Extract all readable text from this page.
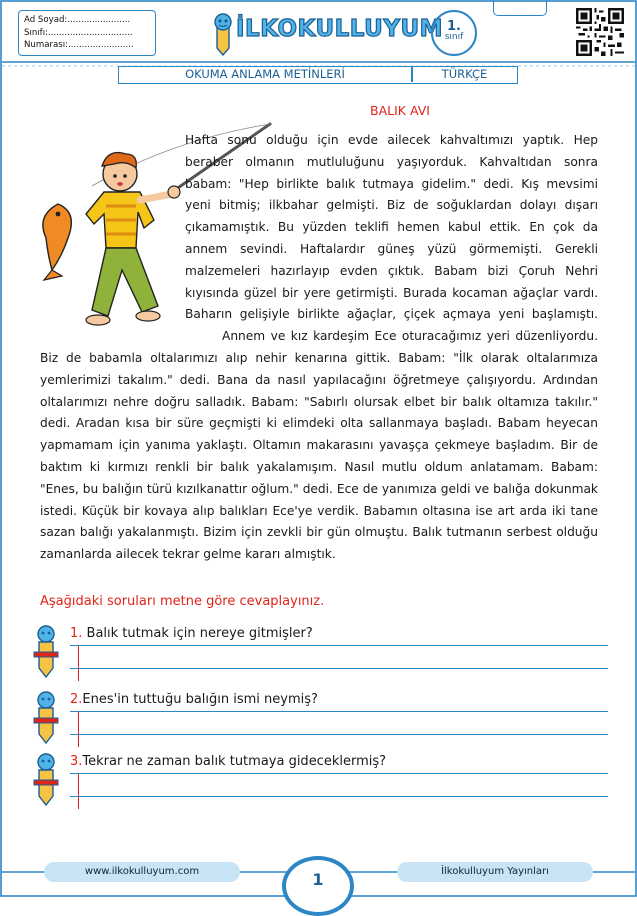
Ad Soyad:.......................
Sınıfı:...............................
Numarası:........................
İLKOKULLUYUM 1.
sınıf
OKUMA ANLAMA METİNLERİ	TÜRKÇE
BALIK AVI
Hafta sonu olduğu için evde ailecek kahvaltımızı yaptık. Hep beraber olmanın mutluluğunu yaşıyorduk. Kahvaltıdan sonra babam: "Hep birlikte balık tutmaya gidelim." dedi. Kış mevsimi yeni bitmiş; ilkbahar gelmişti. Biz de soğuklardan dolayı dışarı çıkamamıştık. Bu yüzden teklifi hemen kabul ettik. En çok da annem sevindi. Haftalardır güneş yüzü görmemişti. Gerekli malzemeleri hazırlayıp evden çıktık. Babam bizi Çoruh Nehri kıyısında güzel bir yere getirmişti. Burada kocaman ağaçlar vardı. Baharın gelişiyle birlikte ağaçlar, çiçek açmaya yeni başlamıştı. Annem ve kız kardeşim Ece oturacağımız yeri düzenliyordu. Biz de babamla oltalarımızı alıp nehir kenarına gittik. Babam: "İlk olarak oltalarımıza yemlerimizi takalım." dedi. Bana da nasıl yapılacağını öğretmeye çalışıyordu. Ardından oltalarımızı nehre doğru salladık. Babam: "Sabırlı olursak elbet bir balık oltamıza takılır." dedi. Aradan kısa bir süre geçmişti ki elimdeki olta sallanmaya başladı. Babam heyecan yapmamam için yanıma yaklaştı. Oltamın makarasını yavaşça çekmeye başladım. Bir de baktım ki kırmızı renkli bir balık yakalamışım. Nasıl mutlu oldum anlatamam. Babam: "Enes, bu balığın türü kızılkanattır oğlum." dedi. Ece de yanımıza geldi ve balığa dokunmak istedi. Küçük bir kovaya alıp balıkları Ece'ye verdik. Babamın oltasına ise art arda iki tane sazan balığı yakalanmıştı. Bizim için zevkli bir gün olmuştu. Balık tutmanın serbest olduğu zamanlarda ailecek tekrar gelme kararı almıştık.
Aşağıdaki soruları metne göre cevaplayınız.
1. Balık tutmak için nereye gitmişler?
2.Enes'in tuttuğu balığın ismi neymiş?
3.Tekrar ne zaman balık tutmaya gideceklermiş?
www.ilkokulluyum.com	1	İlkokulluyum Yayınları
